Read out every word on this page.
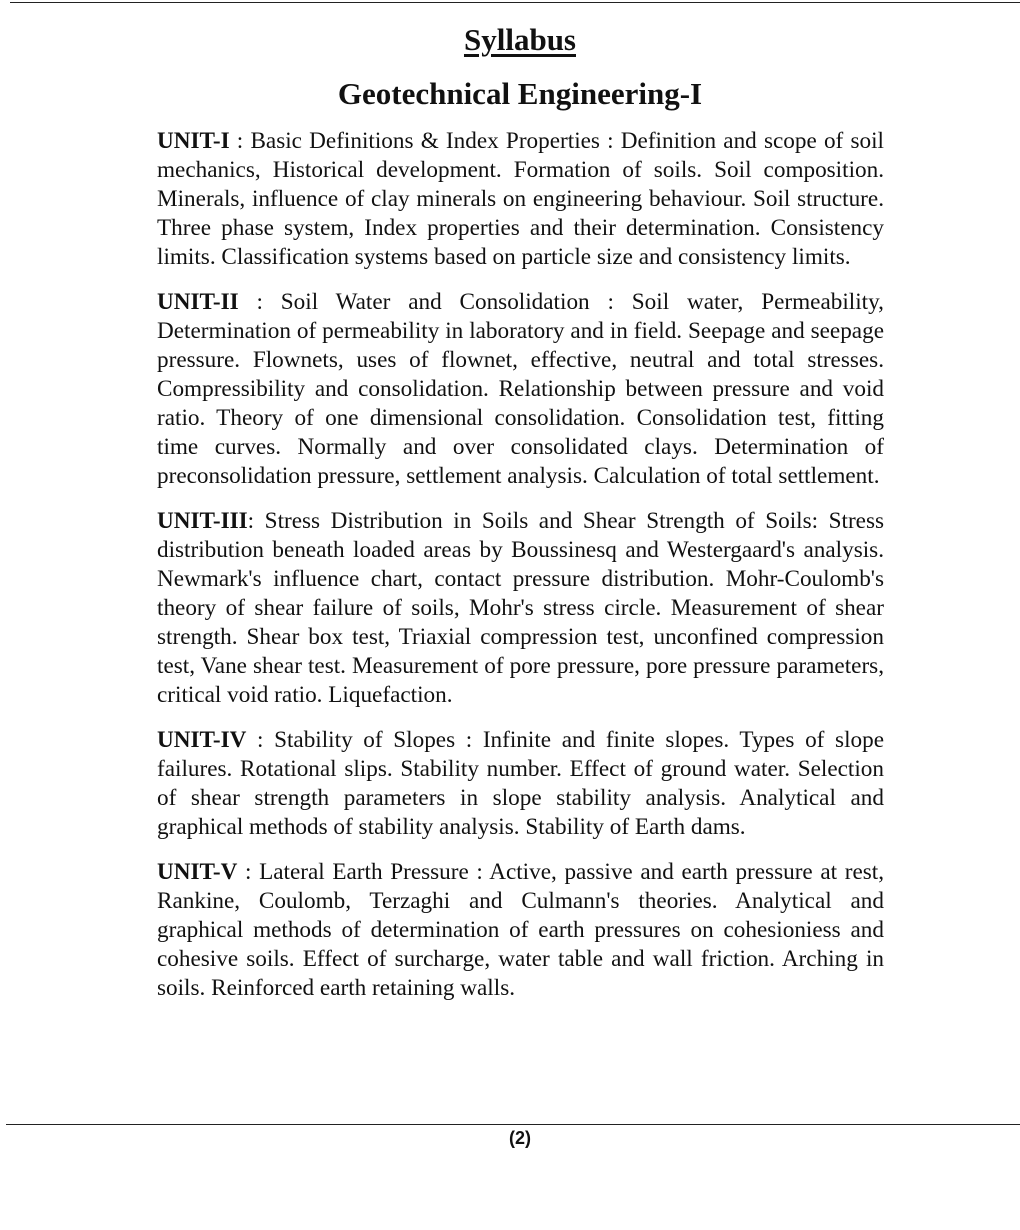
Syllabus
Geotechnical Engineering-I

UNIT-I : Basic Definitions & Index Properties : Definition and scope of soil mechanics, Historical development. Formation of soils. Soil composition. Minerals, influence of clay minerals on engineering behaviour. Soil structure. Three phase system, Index properties and their determination. Consistency limits. Classification systems based on particle size and consistency limits.

UNIT-II : Soil Water and Consolidation : Soil water, Permeability, Determination of permeability in laboratory and in field. Seepage and seepage pressure. Flownets, uses of flownet, effective, neutral and total stresses. Compressibility and consolidation. Relationship between pressure and void ratio. Theory of one dimensional consolidation. Consolidation test, fitting time curves. Normally and over consolidated clays. Determination of preconsolidation pressure, settlement analysis. Calculation of total settlement.

UNIT-III: Stress Distribution in Soils and Shear Strength of Soils: Stress distribution beneath loaded areas by Boussinesq and Westergaard's analysis. Newmark's influence chart, contact pressure distribution. Mohr-Coulomb's theory of shear failure of soils, Mohr's stress circle. Measurement of shear strength. Shear box test, Triaxial compression test, unconfined compression test, Vane shear test. Measurement of pore pressure, pore pressure parameters, critical void ratio. Liquefaction.

UNIT-IV : Stability of Slopes : Infinite and finite slopes. Types of slope failures. Rotational slips. Stability number. Effect of ground water. Selection of shear strength parameters in slope stability analysis. Analytical and graphical methods of stability analysis. Stability of Earth dams.

UNIT-V : Lateral Earth Pressure : Active, passive and earth pressure at rest, Rankine, Coulomb, Terzaghi and Culmann's theories. Analytical and graphical methods of determination of earth pressures on cohesioniess and cohesive soils. Effect of surcharge, water table and wall friction. Arching in soils. Reinforced earth retaining walls.

(2)
